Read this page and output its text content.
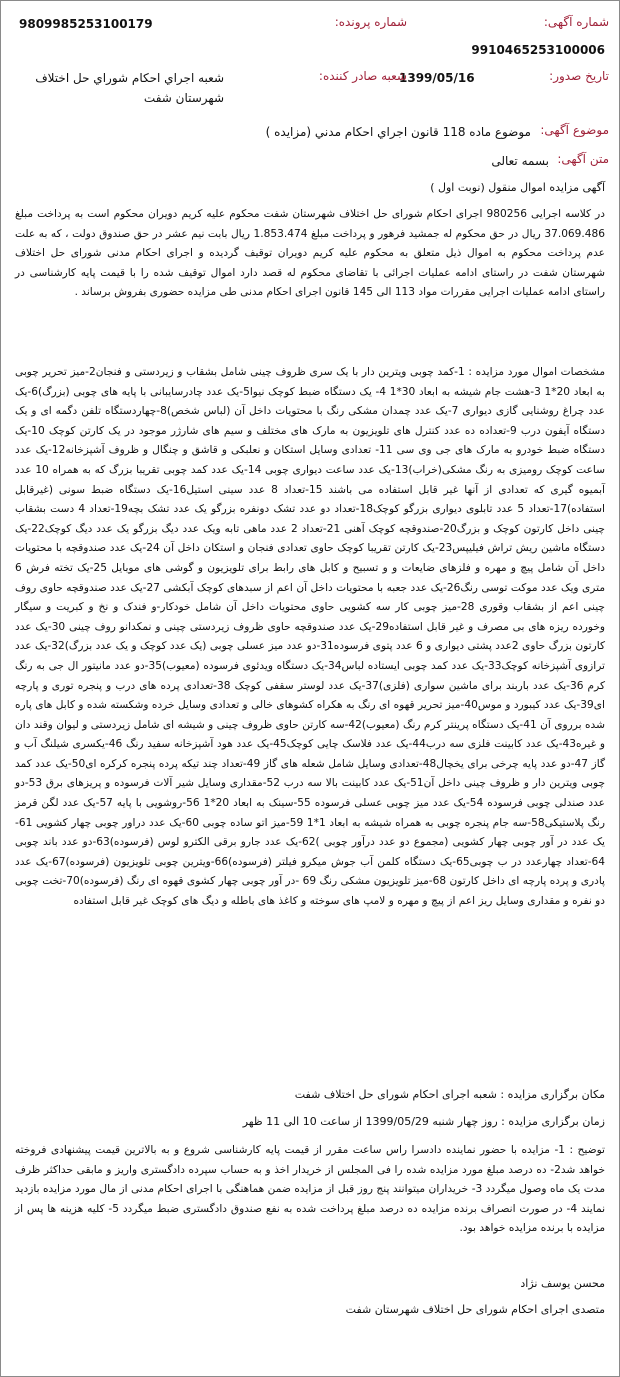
:شماره آگهی
:شماره پرونده
9809985253100179
9910465253100006
:تاریخ صدور
1399/05/16
:شعبه صادر کننده
شعبه اجراي احكام شوراي حل اختلاف
شهرستان شفت
:موضوع آگهی
موضوع ماده 118 قانون اجراي احكام مدني (مزايده )
:متن آگهی
بسمه تعالی
آگهی مزایده اموال منقول (نوبت اول )

در کلاسه اجرایی 980256 اجرای احکام شورای حل اختلاف شهرستان شفت محکوم علیه کریم دویران محکوم است به پرداخت مبلغ 37.069.486 ریال در حق محکوم له جمشید فرهور و پرداخت مبلغ 1.853.474 ریال بابت نیم عشر در حق صندوق دولت ، که به علت عدم پرداخت محکوم به اموال ذیل متعلق به محکوم علیه کریم دویران توقیف گردیده و اجرای احکام مدنی شورای حل اختلاف شهرستان شفت در راستای ادامه عملیات اجرائی با تقاضای محکوم له قصد دارد اموال توقیف شده را با قیمت پایه کارشناسی در راستای ادامه عملیات اجرایی مقررات مواد 113 الی 145 قانون اجرای احکام مدنی طی مزایده حضوری بفروش برساند .

مشخصات اموال مورد مزایده : 1-کمد چوبی ویترین دار با یک سری ظروف چینی شامل بشقاب و زیردستی و فنجان2-میز تحریر چوبی به ابعاد 20*1 3-هشت جام شیشه به ابعاد 30*1 4- یک دستگاه ضبط کوچک نیوا5-یک عدد چادرسایبانی با پایه های چوبی (بزرگ)6-یک عدد چراغ روشنایی گازی دیواری 7-یک عدد چمدان مشکی رنگ با محتویات داخل آن (لباس شخص)8-چهاردستگاه تلفن دگمه ای و یک دستگاه آیفون درب 9-تعداده ده عدد کنترل های تلویزیون به مارک های مختلف و سیم های شارژر موجود در یک کارتن کوچک 10-یک دستگاه ضبط خودرو به مارک های جی وی سی 11- تعدادی وسایل استکان و نعلبکی و قاشق و چنگال و ظروف آشپزخانه12-یک عدد ساعت کوچک رومیزی به رنگ مشکی(خراب)13-یک عدد ساعت دیواری چوبی 14-یک عدد کمد چوبی تقریبا بزرگ که به همراه 10 عدد آبمیوه گیری که تعدادی از آنها غیر قابل استفاده می باشند 15-تعداد 8 عدد سینی استیل16-یک دستگاه ضبط سونی (غیرقابل استفاده)17-تعداد 5 عدد تابلوی دیواری بزرگو کوچک18-تعداد دو عدد تشک دونفره بزرگو یک عدد تشک بچه19-تعداد 4 دست بشقاب چینی داخل کارتون کوچک و بزرگ20-صندوقچه کوچک آهنی 21-تعداد 2 عدد ماهی تابه ویک عدد دیگ بزرگو یک عدد دیگ کوچک22-یک دستگاه ماشین ریش تراش فیلیپس23-یک کارتن تقریبا کوچک حاوی تعدادی فنجان و استکان داخل آن 24-یک عدد صندوقچه با محتویات داخل آن شامل پیچ و مهره و فلزهای ضایعات و و تسبیح و کابل های رابط برای تلویزیون و گوشی های موبایل 25-یک تخته فرش 6 متری ویک عدد موکت توسی رنگ26-یک عدد جعبه با محتویات داخل آن اعم از سبدهای کوچک آبکشی 27-یک عدد صندوقچه حاوی روف چینی اعم از بشقاب وقوری 28-میز چوبی کار سه کشویی حاوی محتویات داخل آن شامل خودکار-و فندک و نخ و کبریت و سیگار وخورده ریزه های بی مصرف و غیر قابل استفاده29-یک عدد صندوقچه حاوی ظروف زیردستی چینی و نمکدانو روف چینی 30-یک عدد کارتون بزرگ حاوی 2عدد پشتی دیواری و 6 عدد پتوی فرسوده31-دو عدد میز عسلی چوبی (یک عدد کوچک و یک عدد بزرگ)32-یک عدد ترازوی آشپزخانه کوچک33-یک عدد کمد چوبی ایستاده لباس34-یک دستگاه ویدئوی فرسوده (معیوب)35-دو عدد مانیتور ال جی به رنگ کرم 36-یک عدد باربند برای ماشین سواری (فلزی)37-یک عدد لوستر سقفی کوچک 38-تعدادی پرده های درب و پنجره توری و پارچه ای39-یک عدد کیبورد و موس40-میز تحریر قهوه ای رنگ به هکراه کشوهای خالی و تعدادی وسایل خرده وشکسته شده و کابل های پاره شده برروی آن 41-یک دستگاه پرینتر کرم رنگ (معیوب)42-سه کارتن حاوی ظروف چینی و شیشه ای شامل زیردستی و لیوان وقند دان و غیره43-یک عدد کابینت فلزی سه درب44-یک عدد فلاسک چایی کوچک45-یک عدد هود آشپزخانه سفید رنگ 46-یکسری شیلنگ آب و گاز 47-دو عدد پایه چرخی برای یخچال48-تعدادی وسایل شامل شعله های گاز 49-تعداد چند تیکه پرده پنجره کرکره ای50-یک عدد کمد چوبی ویترین دار و ظروف چینی داخل آن51-یک عدد کابینت بالا سه درب 52-مقداری وسایل شیر آلات فرسوده و پریزهای برق 53-دو عدد صندلی چوبی فرسوده 54-یک عدد میز چوبی عسلی فرسوده 55-سینک به ابعاد 20*1 56-روشویی با پایه 57-یک عدد لگن قرمز رنگ پلاستیکی58-سه جام پنجره چوبی به همراه شیشه به ابعاد 1*1 59-میز اتو ساده چوبی 60-یک عدد دراور چوبی چهار کشویی 61-یک عدد در آور چوبی چهار کشویی (مجموع دو عدد درآور چوبی )62-یک عدد جارو برقی الکترو لوس (فرسوده)63-دو عدد باند چوبی 64-تعداد چهارعدد در ب چوبی65-یک دستگاه کلمن آب جوش میکرو فیلتر (فرسوده)66-ویترین چوبی تلویزیون (فرسوده)67-یک عدد پادری و پرده پارچه ای داخل کارتون 68-میز تلویزیون مشکی رنگ 69 -در آور چوبی چهار کشوی قهوه ای رنگ (فرسوده)70-تخت چوبی دو نفره و مقداری وسایل ریز اعم از پیچ و مهره و لامپ های سوخته و کاغذ های باطله و دیگ های کوچک غیر قابل استفاده

مکان برگزاری مزایده : شعبه اجرای احکام شورای حل اختلاف شفت
زمان برگزاری مزایده : روز چهار شنبه 1399/05/29 از ساعت 10 الی 11 ظهر

توضیح : 1- مزایده با حضور نماینده دادسرا راس ساعت مقرر از قیمت پایه کارشناسی شروع و به بالاترین قیمت پیشنهادی فروخته خواهد شد2- ده درصد مبلغ مورد مزایده شده را فی المجلس از خریدار اخذ و به حساب سپرده دادگستری واریز و مابقی حداکثر ظرف مدت یک ماه وصول میگردد 3- خریداران میتوانند پنج روز قبل از مزایده ضمن هماهنگی با اجرای احکام مدنی از مال مورد مزایده بازدید نمایند 4- در صورت انصراف برنده مزایده ده درصد مبلغ پرداخت شده به نفع صندوق دادگستری ضبط میگردد 5- کلیه هزینه ها پس از مزایده با برنده مزایده خواهد بود.

محسن یوسف نژاد
متصدی اجرای احکام شورای حل اختلاف شهرستان شفت
